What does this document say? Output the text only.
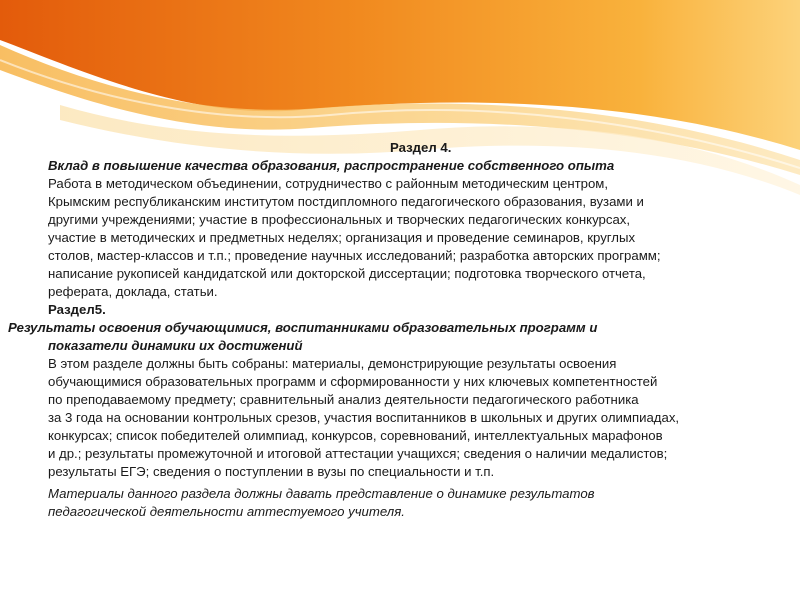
Раздел 4.
Вклад в повышение качества образования, распространение собственного опыта
Работа в методическом объединении, сотрудничество с районным методическим центром,
Крымским республиканским институтом постдипломного педагогического образования, вузами и
другими учреждениями; участие в профессиональных и творческих педагогических конкурсах,
участие в методических и предметных неделях; организация и проведение семинаров, круглых
столов, мастер-классов и т.п.; проведение научных исследований; разработка авторских программ;
написание рукописей кандидатской или докторской диссертации; подготовка творческого отчета,
реферата, доклада, статьи.
Раздел5.
Результаты освоения обучающимися, воспитанниками образовательных программ и
показатели динамики их достижений
В этом разделе должны быть собраны: материалы, демонстрирующие результаты освоения
обучающимися образовательных программ и сформированности у них ключевых компетентностей
по преподаваемому предмету; сравнительный анализ деятельности педагогического работника
за 3 года на основании контрольных срезов, участия воспитанников в школьных и других олимпиадах,
конкурсах; список победителей олимпиад, конкурсов, соревнований, интеллектуальных марафонов
и др.; результаты промежуточной и итоговой аттестации учащихся; сведения о наличии медалистов;
результаты ЕГЭ; сведения о поступлении в вузы по специальности и т.п.
Материалы данного раздела должны давать представление о динамике результатов
педагогической деятельности аттестуемого учителя.
